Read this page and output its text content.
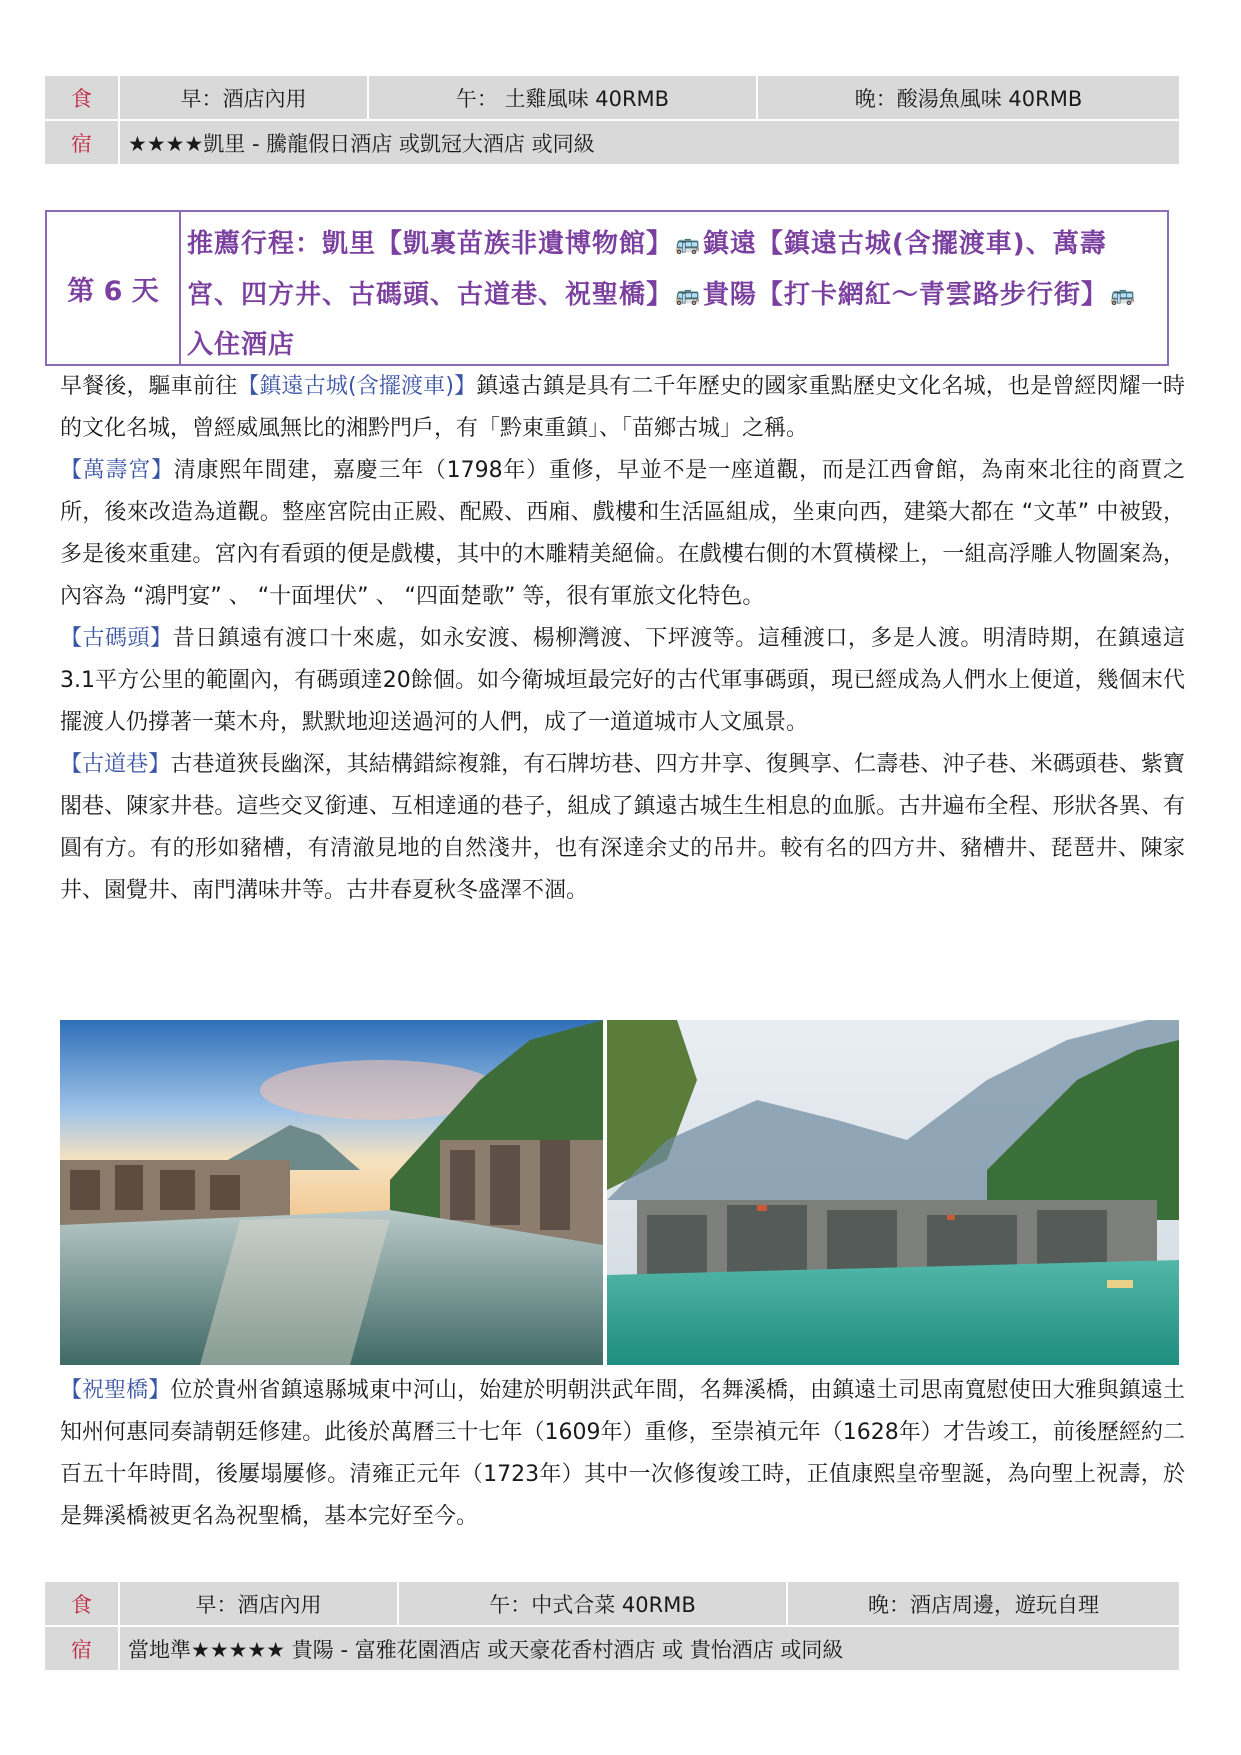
食	早：酒店內用	午： 土雞風味 40RMB	晚：酸湯魚風味 40RMB
宿	★★★★凱里 - 騰龍假日酒店 或凱冠大酒店 或同級		
第 6 天
推薦行程：凱里【凱裏苗族非遺博物館】 🚌鎮遠【鎮遠古城(含擺渡車)、萬壽宮、四方井、古碼頭、古道巷、祝聖橋】 🚌貴陽【打卡網紅～青雲路步行街】 🚌入住酒店

早餐後，驅車前往【鎮遠古城(含擺渡車)】鎮遠古鎮是具有二千年歷史的國家重點歷史文化名城，也是曾經閃耀一時的文化名城，曾經威風無比的湘黔門戶，有「黔東重鎮」、「苗鄉古城」之稱。

【萬壽宮】清康熙年間建，嘉慶三年（1798年）重修，早並不是一座道觀，而是江西會館，為南來北往的商賈之所，後來改造為道觀。整座宮院由正殿、配殿、西廂、戲樓和生活區組成，坐東向西，建築大都在 “文革” 中被毀，多是後來重建。宮內有看頭的便是戲樓，其中的木雕精美絕倫。在戲樓右側的木質橫樑上，一組高浮雕人物圖案為，內容為 “鴻門宴” 、 “十面埋伏” 、 “四面楚歌” 等，很有軍旅文化特色。

【古碼頭】昔日鎮遠有渡口十來處，如永安渡、楊柳灣渡、下坪渡等。這種渡口，多是人渡。明清時期，在鎮遠這3.1平方公里的範圍內，有碼頭達20餘個。如今衛城垣最完好的古代軍事碼頭，現已經成為人們水上便道，幾個末代擺渡人仍撐著一葉木舟，默默地迎送過河的人們，成了一道道城市人文風景。

【古道巷】古巷道狹長幽深，其結構錯綜複雜，有石牌坊巷、四方井享、復興享、仁壽巷、沖子巷、米碼頭巷、紫寶閣巷、陳家井巷。這些交叉銜連、互相達通的巷子，組成了鎮遠古城生生相息的血脈。古井遍布全程、形狀各異、有圓有方。有的形如豬槽，有清澈見地的自然淺井，也有深達余丈的吊井。較有名的四方井、豬槽井、琵琶井、陳家井、園覺井、南門溝味井等。古井春夏秋冬盛澤不涸。

【祝聖橋】位於貴州省鎮遠縣城東中河山，始建於明朝洪武年間，名舞溪橋，由鎮遠土司思南寬慰使田大雅與鎮遠土知州何惠同奏請朝廷修建。此後於萬曆三十七年（1609年）重修，至崇禎元年（1628年）才告竣工，前後歷經約二百五十年時間，後屢塌屢修。清雍正元年（1723年）其中一次修復竣工時，正值康熙皇帝聖誕，為向聖上祝壽，於是舞溪橋被更名為祝聖橋，基本完好至今。

食	早：酒店內用	午：中式合菜 40RMB	晚：酒店周邊，遊玩自理
宿	當地準★★★★★ 貴陽 - 富雅花園酒店 或天豪花香村酒店 或 貴怡酒店 或同級		
